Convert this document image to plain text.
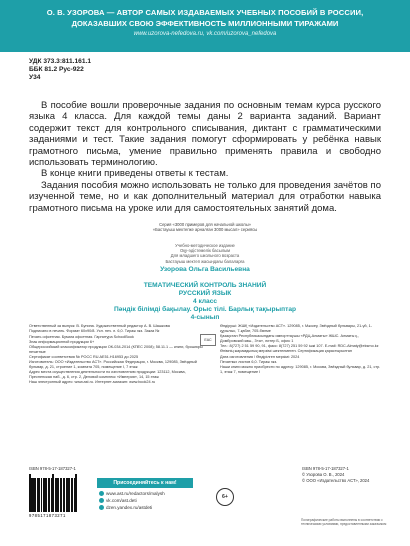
О. В. УЗОРОВА — АВТОР САМЫХ ИЗДАВАЕМЫХ УЧЕБНЫХ ПОСОБИЙ В РОССИИ,
ДОКАЗАВШИХ СВОЮ ЭФФЕКТИВНОСТЬ МИЛЛИОННЫМИ ТИРАЖАМИ
www.uzorova-nefedova.ru, vk.com/uzorova_nefedova
УДК 373.3:811.161.1
ББК 81.2 Рус-922
У34

В пособие вошли проверочные задания по основным темам курса русского языка 4 класса. Для каждой темы даны 2 варианта заданий. Вариант содержит текст для контрольного списывания, диктант с грамматическими заданиями и тест. Такие задания помогут сформировать у ребёнка навык грамотного письма, умение правильно применять правила и свободно использовать терминологию.

В конце книги приведены ответы к тестам.

Задания пособия можно использовать не только для проведения зачётов по изученной теме, но и как дополнительный материал для отработки навыка грамотного письма на уроке или для самостоятельных занятий дома.

Серия «3000 примеров для начальной школы»
«Бастауыш мектепке арналған 3000 мысал» сериясы
Учебно-методическое издание
Оқу-әдістемелік басылым
Для младшего школьного возраста
Бастауыш мектеп жасындағы балаларға
Узорова Ольга Васильевна
ТЕМАТИЧЕСКИЙ КОНТРОЛЬ ЗНАНИЙ
РУССКИЙ ЯЗЫК
4 класс
Пәндік білімді бақылау. Орыс тілі. Барлық тақырыптар
4-сынып

Ответственный за выпуск: В. Бунина. Художественный редактор А. В. Шашкова

Подписано в печать. Формат 60х90/8. Усл. печ. л. 6,0. Тираж экз. Заказ №

Печать офсетная. Бумага офсетная. Гарнитура SchoolBook

Знак информационной продукции 6+

Общероссийский классификатор продукции ОК-034-2014 (КПЕС 2008); 58.11.1 — книги, брошюры печатные

Сертификат соответствия № РОСС RU.АЕ51.Н16953 до 2025

Изготовитель: ООО «Издательство АСТ». Российская Федерация, г. Москва, 129085, Звёздный бульвар, д. 21, строение 1, комната 705, помещение I, 7 этаж

Адрес места осуществления деятельности по изготовлению продукции: 123112, Москва, Пресненская наб., д. 6, стр. 2, Деловой комплекс «Империя», 14, 15 этаж

Наш электронный адрес: www.ast.ru. Интернет-магазин: www.book24.ru

ЕАС

Өндіруші: ЖШҚ «Издательство АСТ». 129085, г. Мәскеу, Звёздный бульвары, 21-үй, 1-құрылыс, 7-қабат, 705-бөлме

Қазақстан Республикасындағы импорттаушы «РДЦ-Алматы» ЖШС. Алматы қ., Домбровский көш., 3«а», литер Б, офис 1

Тел.: 8(727) 2 51 59 90, 91, факс: 8(727) 251 59 92 ішкі 107. E-mail: RDC-Almaty@eksmo.kz

Өнімнің жарамдылық мерзімі шектелмеген. Сертификация қарастырылған

Дата изготовления / Өндірілген мерзімі: 2024

Печатных листов 6,0. Тираж экз.

Наши книги можно приобрести по адресу: 129085, г. Москва, Звёздный бульвар, д. 21, стр. 1, этаж 7, помещение I

ISBN 978-5-17-187327-1
9785171873271
Присоединяйтесь к нам!
www.ast.ru/redactors/malysh
vk.com/ast.deti
dzen.yandex.ru/astdeti
6+
ISBN 978-5-17-187327-1
© Узорова О. В., 2024
© ООО «Издательство АСТ», 2024
Полиграфические работы выполнены в соответствии с техническими условиями, предоставленными заказчиком
